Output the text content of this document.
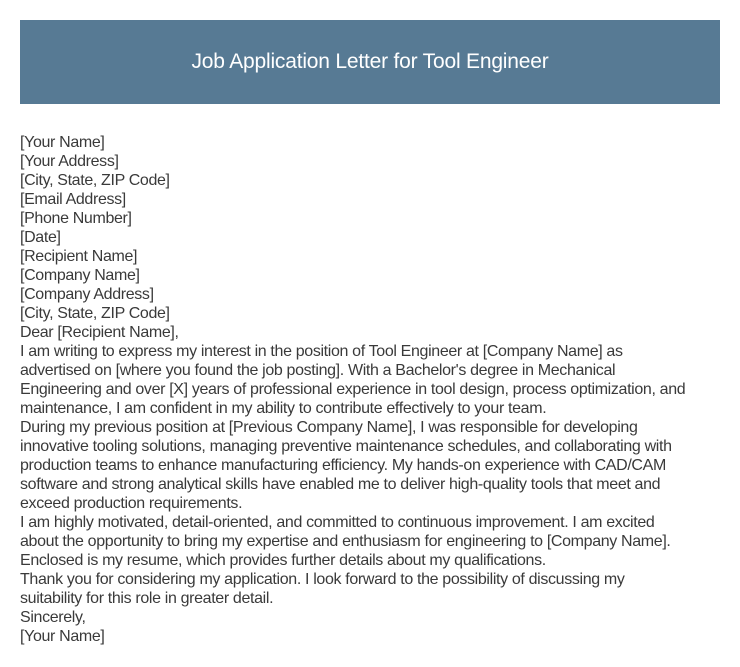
Job Application Letter for Tool Engineer
[Your Name]
[Your Address]
[City, State, ZIP Code]
[Email Address]
[Phone Number]
[Date]
[Recipient Name]
[Company Name]
[Company Address]
[City, State, ZIP Code]
Dear [Recipient Name],
I am writing to express my interest in the position of Tool Engineer at [Company Name] as
advertised on [where you found the job posting]. With a Bachelor's degree in Mechanical
Engineering and over [X] years of professional experience in tool design, process optimization, and
maintenance, I am confident in my ability to contribute effectively to your team.
During my previous position at [Previous Company Name], I was responsible for developing
innovative tooling solutions, managing preventive maintenance schedules, and collaborating with
production teams to enhance manufacturing efficiency. My hands-on experience with CAD/CAM
software and strong analytical skills have enabled me to deliver high-quality tools that meet and
exceed production requirements.
I am highly motivated, detail-oriented, and committed to continuous improvement. I am excited
about the opportunity to bring my expertise and enthusiasm for engineering to [Company Name].
Enclosed is my resume, which provides further details about my qualifications.
Thank you for considering my application. I look forward to the possibility of discussing my
suitability for this role in greater detail.
Sincerely,
[Your Name]
